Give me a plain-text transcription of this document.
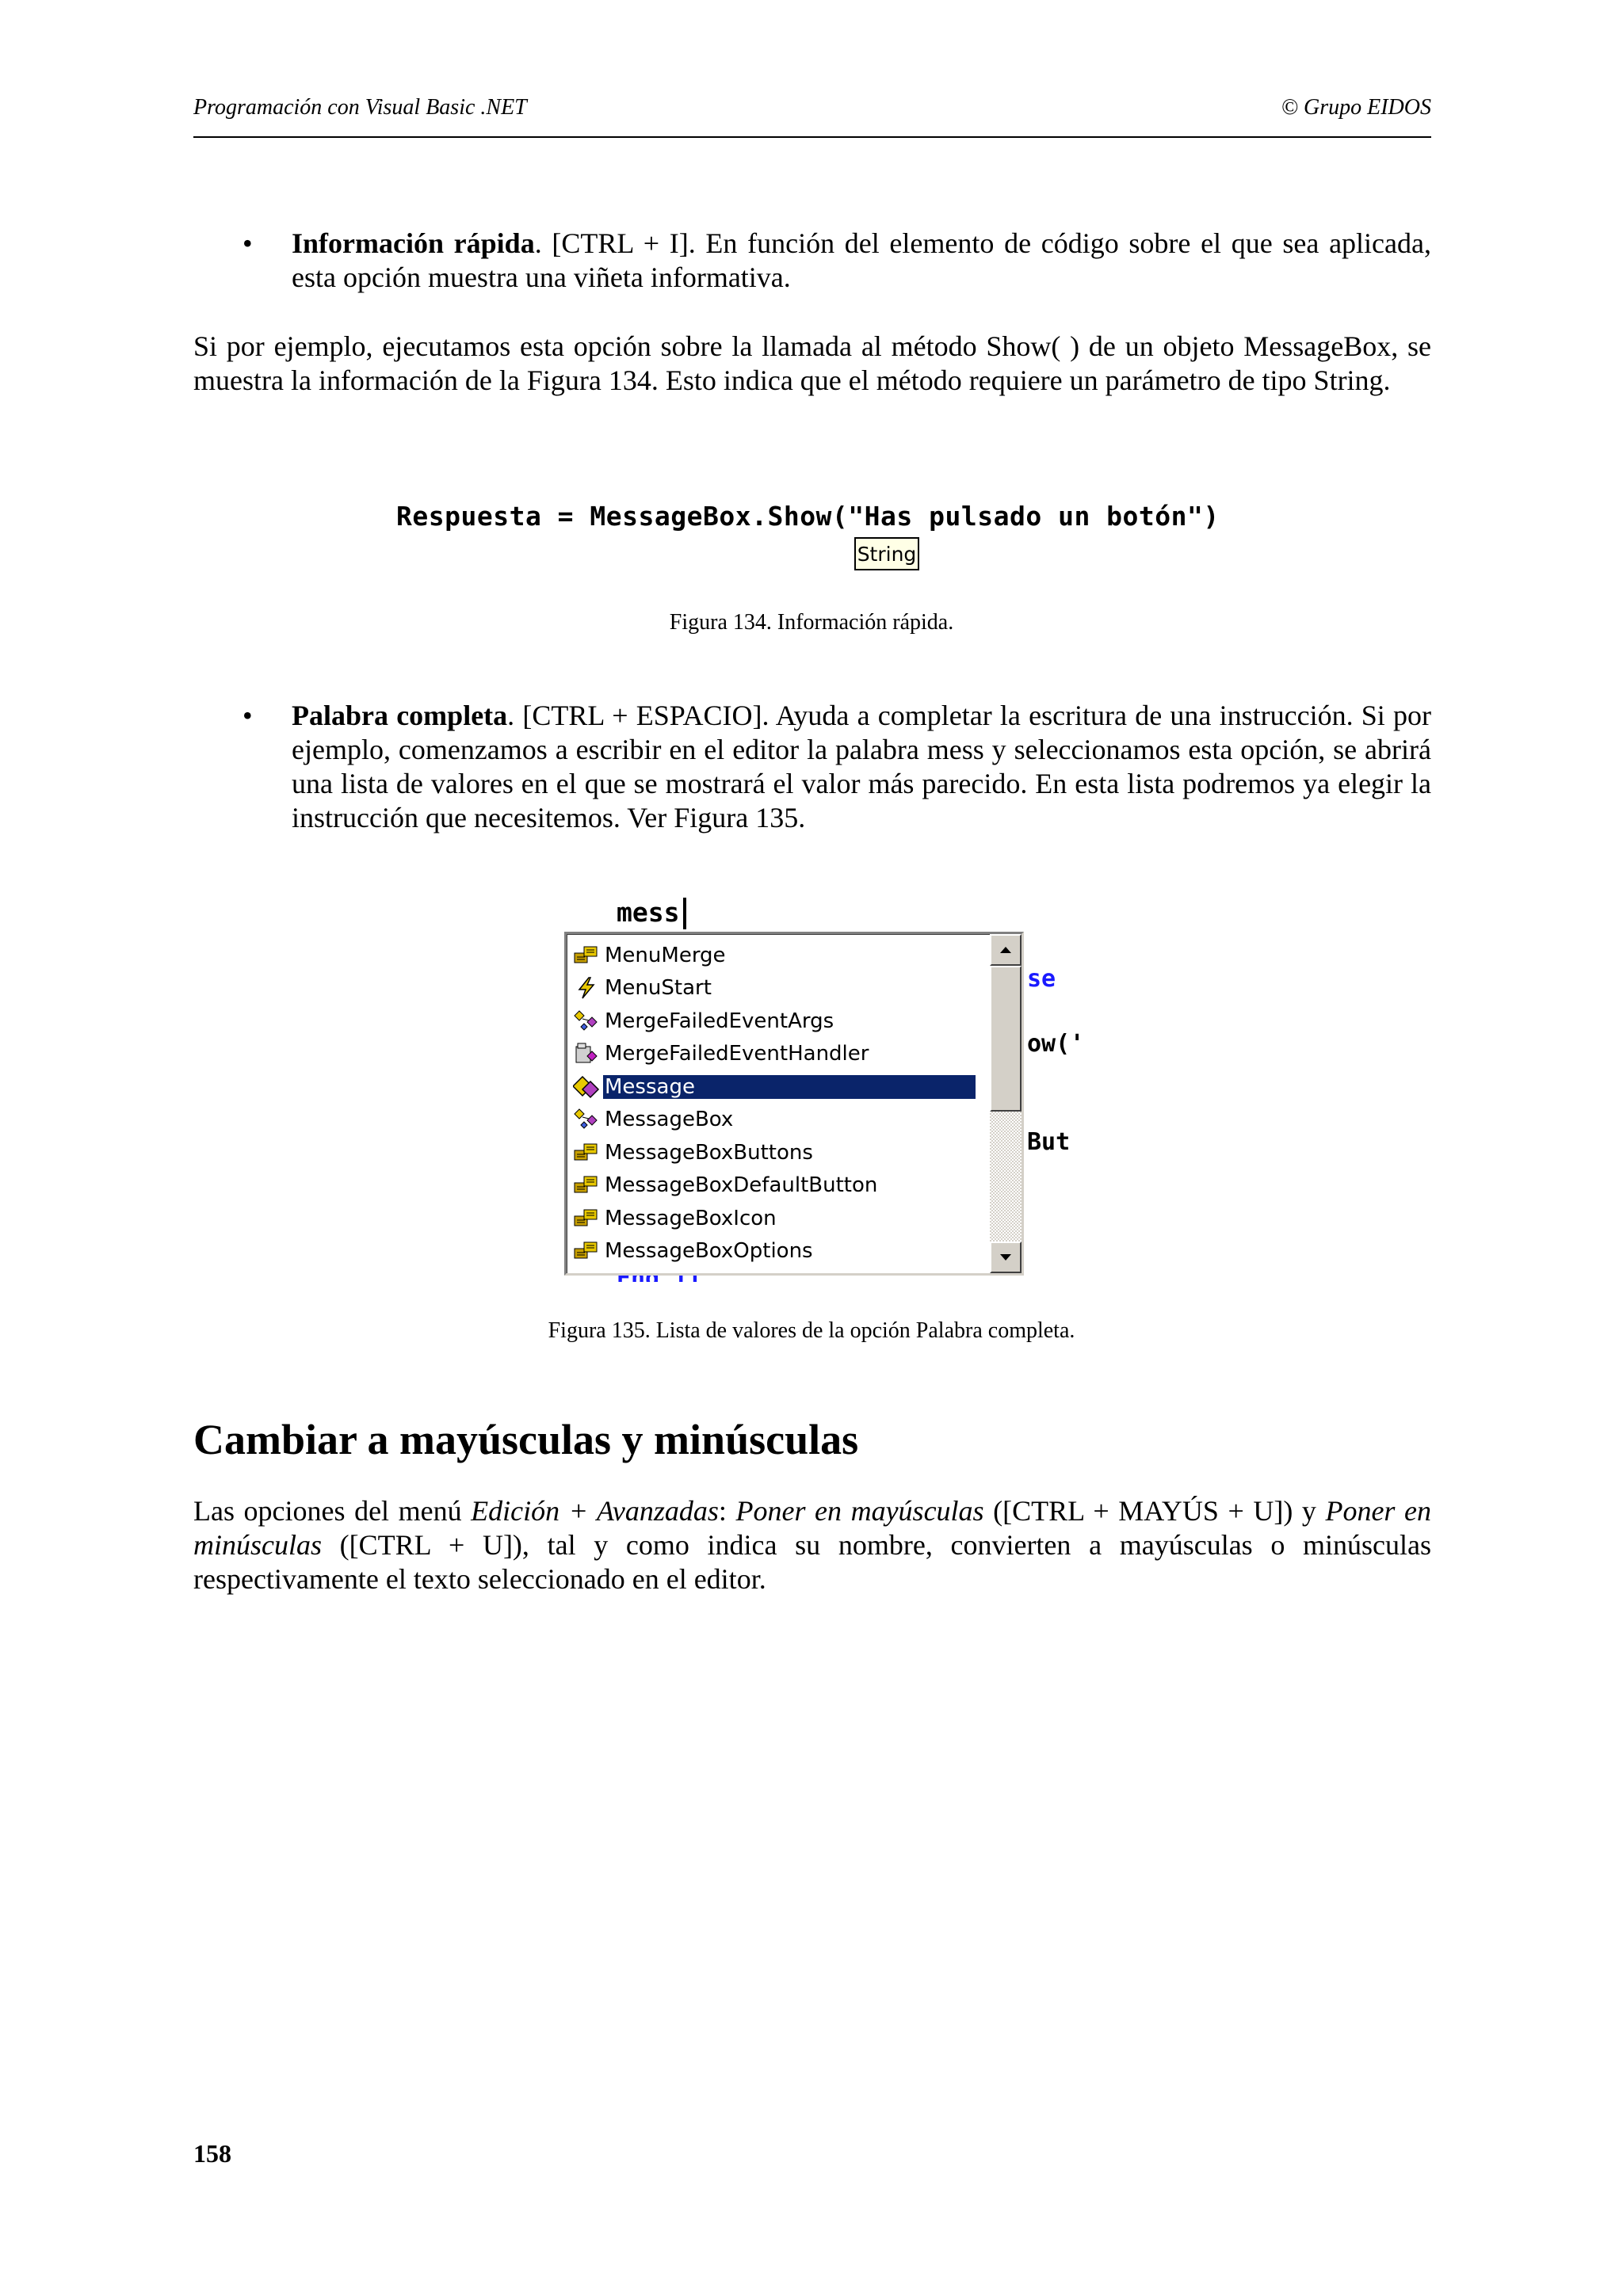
Programación con Visual Basic .NET	© Grupo EIDOS
• Información rápida. [CTRL + I]. En función del elemento de código sobre el que sea aplicada, esta opción muestra una viñeta informativa.
Si por ejemplo, ejecutamos esta opción sobre la llamada al método Show( ) de un objeto MessageBox, se muestra la información de la Figura 134. Esto indica que el método requiere un parámetro de tipo String.
Respuesta = MessageBox.Show("Has pulsado un botón")
String
Figura 134. Información rápida.
• Palabra completa. [CTRL + ESPACIO]. Ayuda a completar la escritura de una instrucción. Si por ejemplo, comenzamos a escribir en el editor la palabra mess y seleccionamos esta opción, se abrirá una lista de valores en el que se mostrará el valor más parecido. En esta lista podremos ya elegir la instrucción que necesitemos. Ver Figura 135.
mess
se
ow('
But
MenuMerge
MenuStart
MergeFailedEventArgs
MergeFailedEventHandler
Message
MessageBox
MessageBoxButtons
MessageBoxDefaultButton
MessageBoxIcon
MessageBoxOptions
Figura 135. Lista de valores de la opción Palabra completa.
Cambiar a mayúsculas y minúsculas
Las opciones del menú Edición + Avanzadas: Poner en mayúsculas ([CTRL + MAYÚS + U]) y Poner en minúsculas ([CTRL + U]), tal y como indica su nombre, convierten a mayúsculas o minúsculas respectivamente el texto seleccionado en el editor.
158
